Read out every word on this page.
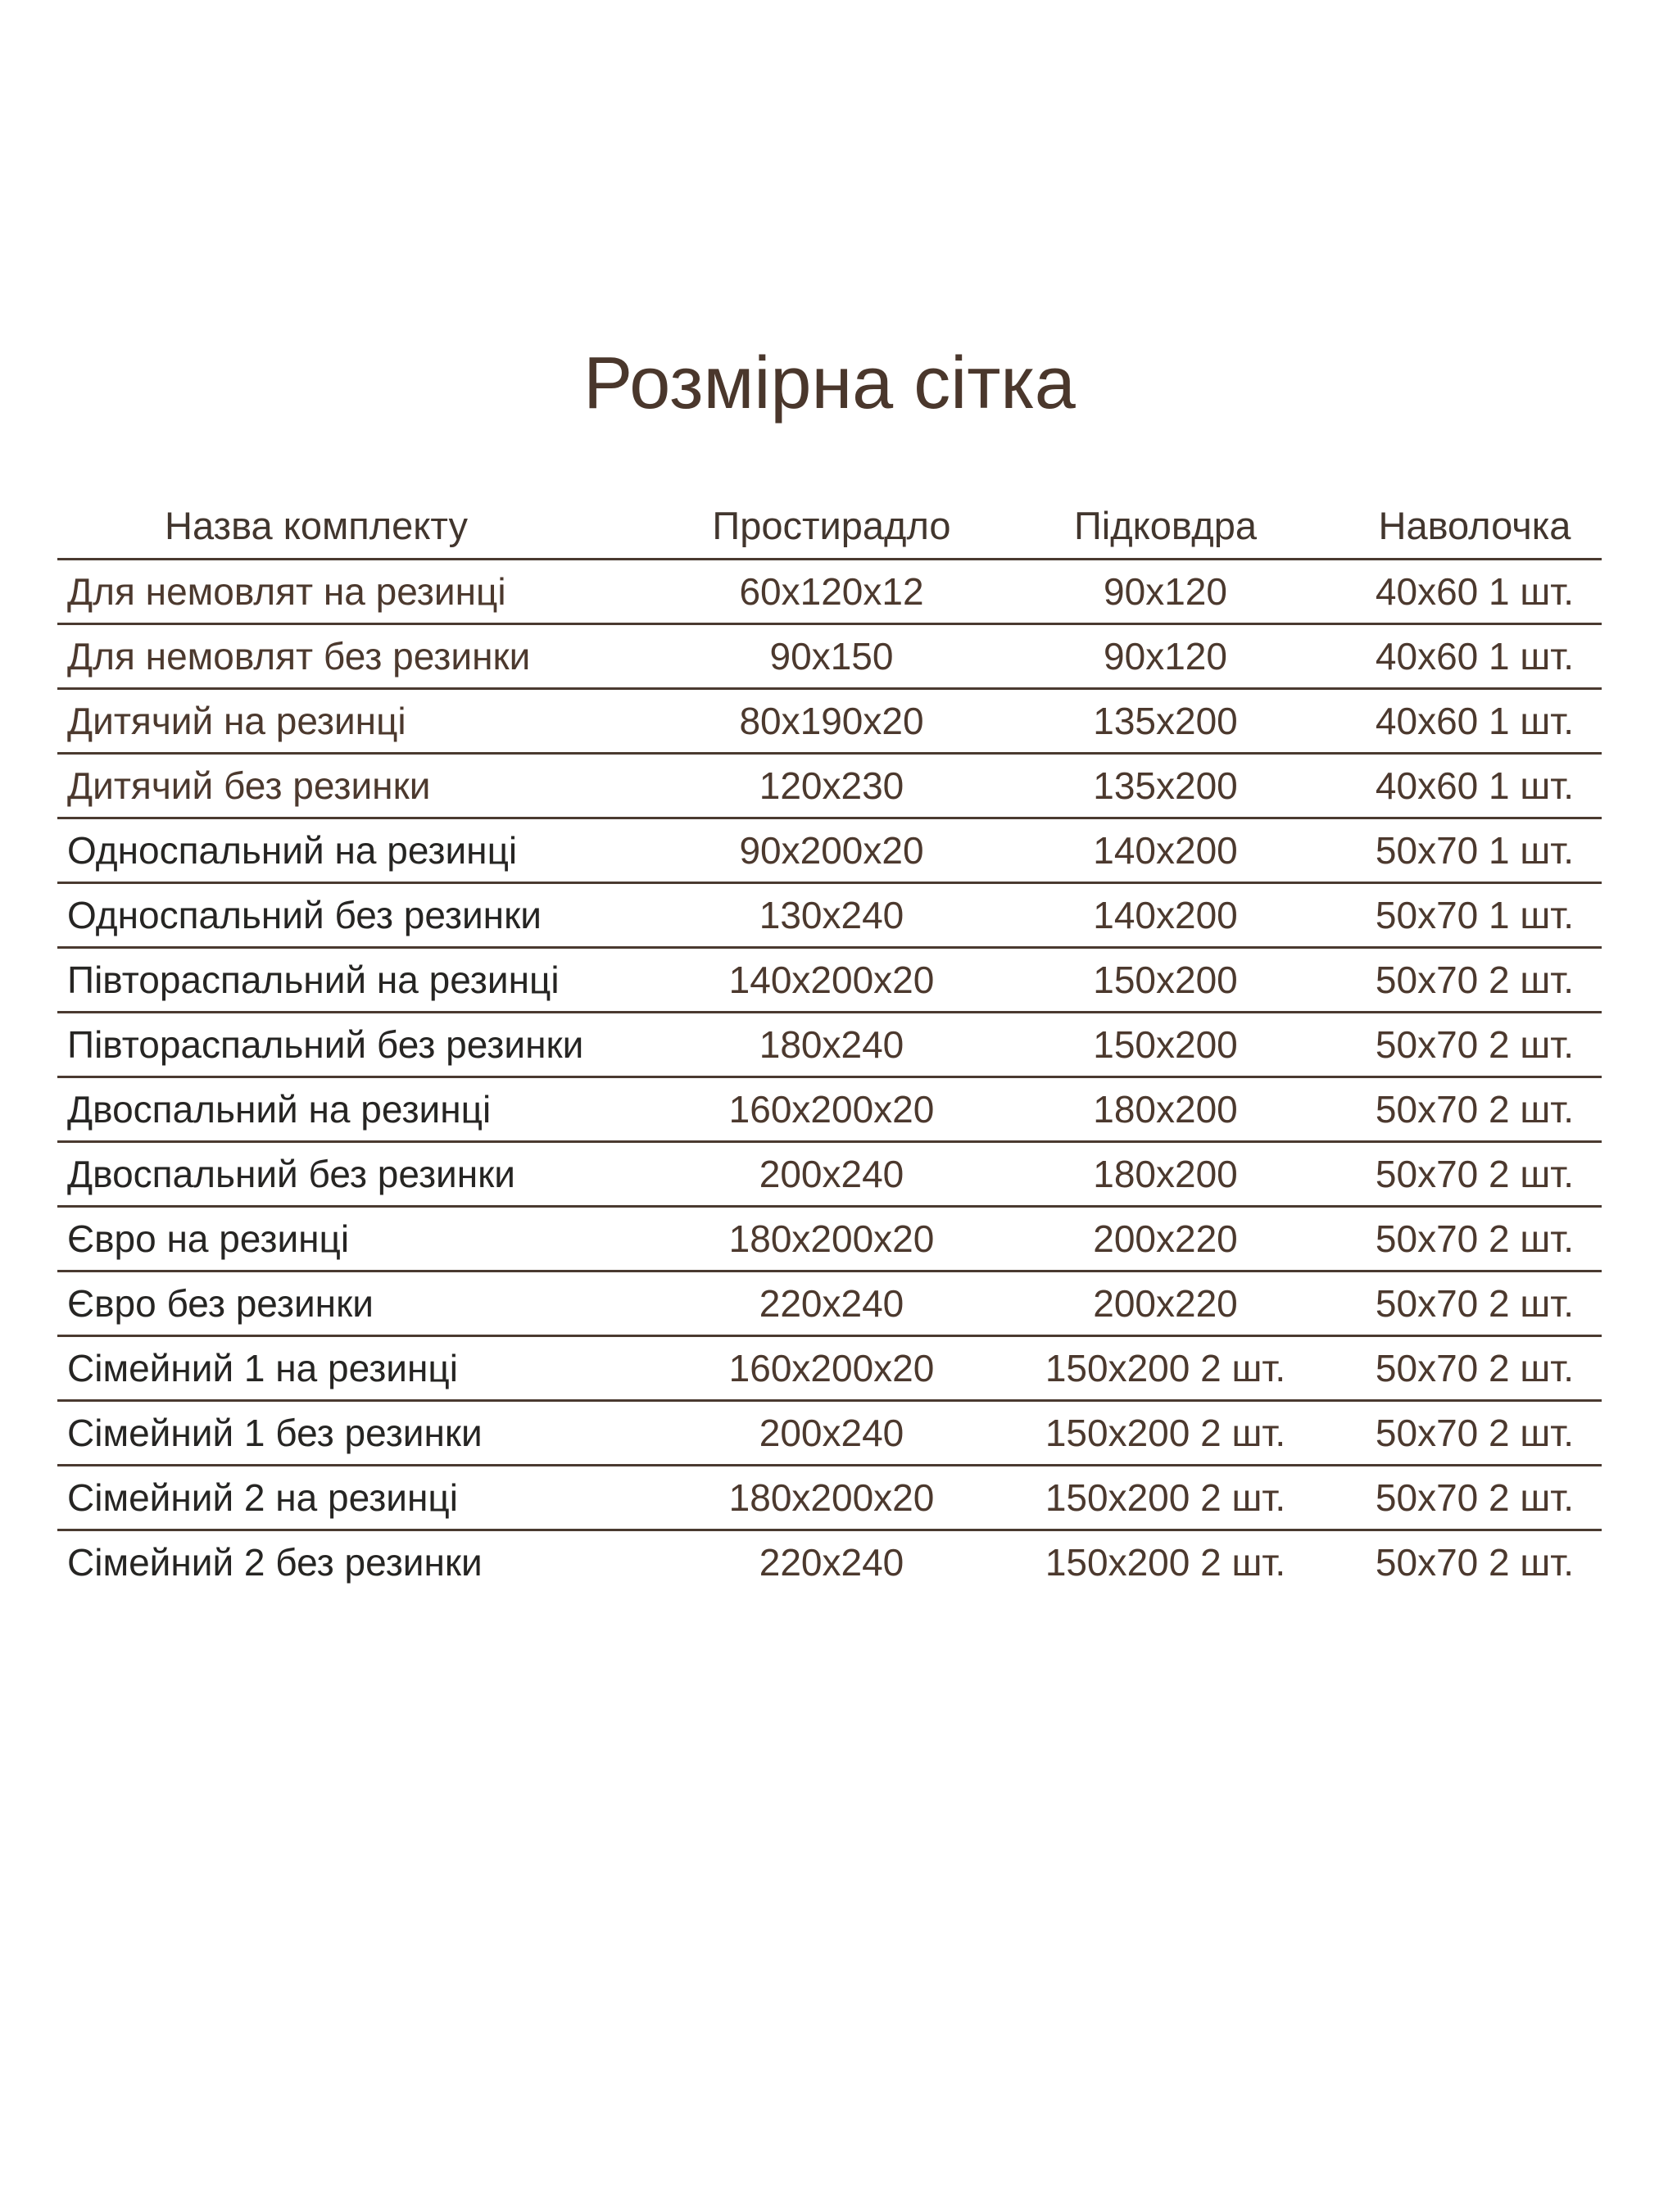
Розмірна сітка
Назва комплекту	Простирадло	Підковдра	Наволочка
Для немовлят на резинці	60x120x12	90x120	40x60 1 шт.
Для немовлят без резинки	90x150	90x120	40x60 1 шт.
Дитячий на резинці	80x190x20	135x200	40x60 1 шт.
Дитячий без резинки	120x230	135x200	40x60 1 шт.
Односпальний на резинці	90x200x20	140x200	50x70 1 шт.
Односпальний без резинки	130x240	140x200	50x70 1 шт.
Півтораспальний на резинці	140x200x20	150x200	50x70 2 шт.
Півтораспальний без резинки	180x240	150x200	50x70 2 шт.
Двоспальний на резинці	160x200x20	180x200	50x70 2 шт.
Двоспальний без резинки	200x240	180x200	50x70 2 шт.
Євро на резинці	180x200x20	200x220	50x70 2 шт.
Євро без резинки	220x240	200x220	50x70 2 шт.
Сімейний 1 на резинці	160x200x20	150x200 2 шт.	50x70 2 шт.
Сімейний 1 без резинки	200x240	150x200 2 шт.	50x70 2 шт.
Сімейний 2 на резинці	180x200x20	150x200 2 шт.	50x70 2 шт.
Сімейний 2 без резинки	220x240	150x200 2 шт.	50x70 2 шт.
